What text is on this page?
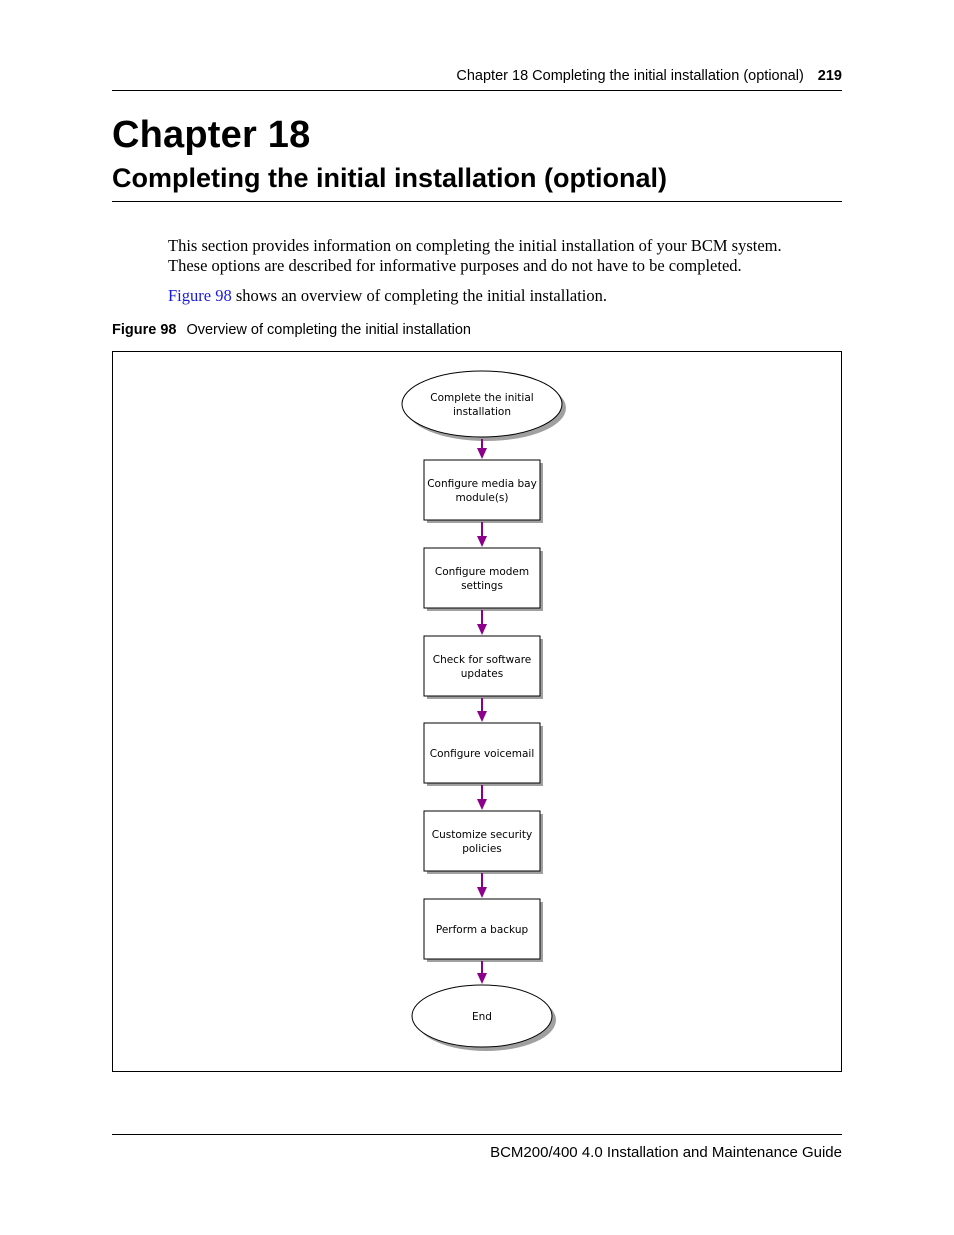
Chapter 18 Completing the initial installation (optional) 219
Chapter 18
Completing the initial installation (optional)
This section provides information on completing the initial installation of your BCM system.
These options are described for informative purposes and do not have to be completed.
Figure 98 shows an overview of completing the initial installation.
Figure 98 Overview of completing the initial installation
Complete the initial
installation
Configure media bay
module(s)
Configure modem
settings
Check for software
updates
Configure voicemail
Customize security
policies
Perform a backup
End
BCM200/400 4.0 Installation and Maintenance Guide
